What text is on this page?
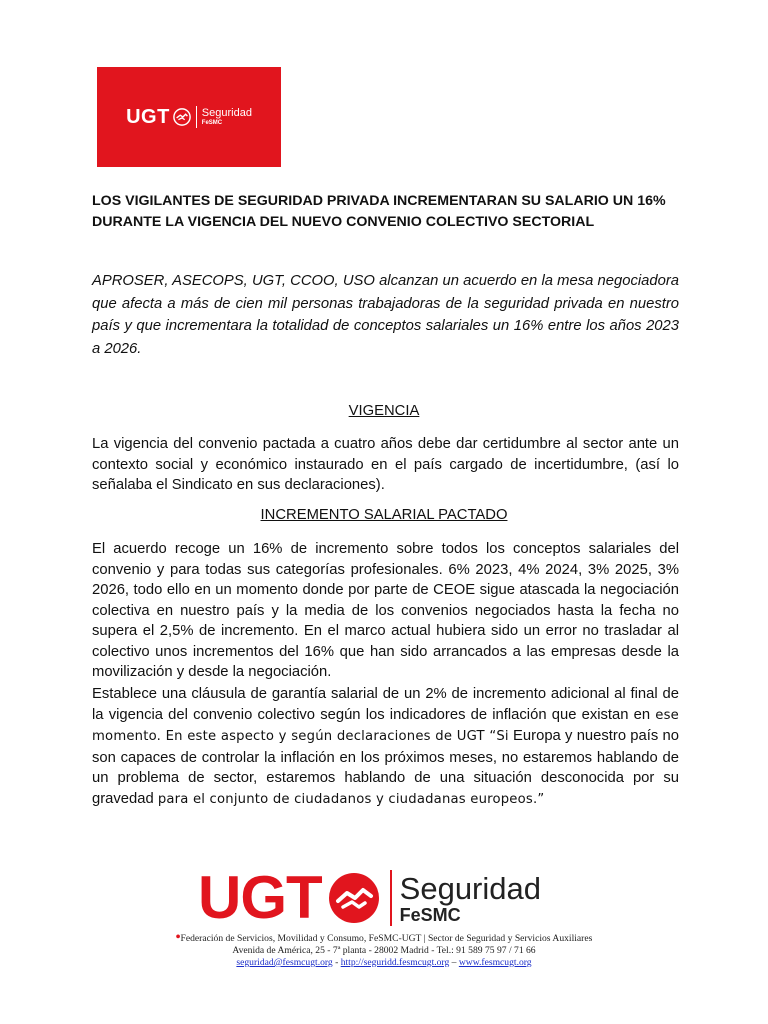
UGT	Seguridad
FeSMC

LOS VIGILANTES DE SEGURIDAD PRIVADA INCREMENTARAN SU SALARIO UN 16% DURANTE LA VIGENCIA DEL NUEVO CONVENIO COLECTIVO SECTORIAL

APROSER, ASECOPS, UGT, CCOO, USO alcanzan un acuerdo en la mesa negociadora que afecta a más de cien mil personas trabajadoras de la seguridad privada en nuestro país y que incrementara la totalidad de conceptos salariales un 16% entre los años 2023 a 2026.

VIGENCIA

La vigencia del convenio pactada a cuatro años debe dar certidumbre al sector ante un contexto social y económico instaurado en el país cargado de incertidumbre, (así lo señalaba el Sindicato en sus declaraciones).

INCREMENTO SALARIAL PACTADO

El acuerdo recoge un 16% de incremento sobre todos los conceptos salariales del convenio y para todas sus categorías profesionales. 6% 2023, 4% 2024, 3% 2025, 3% 2026, todo ello en un momento donde por parte de CEOE sigue atascada la negociación colectiva en nuestro país y la media de los convenios negociados hasta la fecha no supera el 2,5% de incremento. En el marco actual hubiera sido un error no trasladar al colectivo unos incrementos del 16% que han sido arrancados a las empresas desde la movilización y desde la negociación.

Establece una cláusula de garantía salarial de un 2% de incremento adicional al final de la vigencia del convenio colectivo según los indicadores de inflación que existan en ese momento. En este aspecto y según declaraciones de UGT “Si Europa y nuestro país no son capaces de controlar la inflación en los próximos meses, no estaremos hablando de un problema de sector, estaremos hablando de una situación desconocida por su gravedad para el conjunto de ciudadanos y ciudadanas europeos.”

UGT	Seguridad
FeSMC

•Federación de Servicios, Movilidad y Consumo, FeSMC-UGT | Sector de Seguridad y Servicios Auxiliares

Avenida de América, 25 - 7ª planta - 28002 Madrid - Tel.: 91 589 75 97 / 71 66

seguridad@fesmcugt.org - http://seguridd.fesmcugt.org – www.fesmcugt.org
